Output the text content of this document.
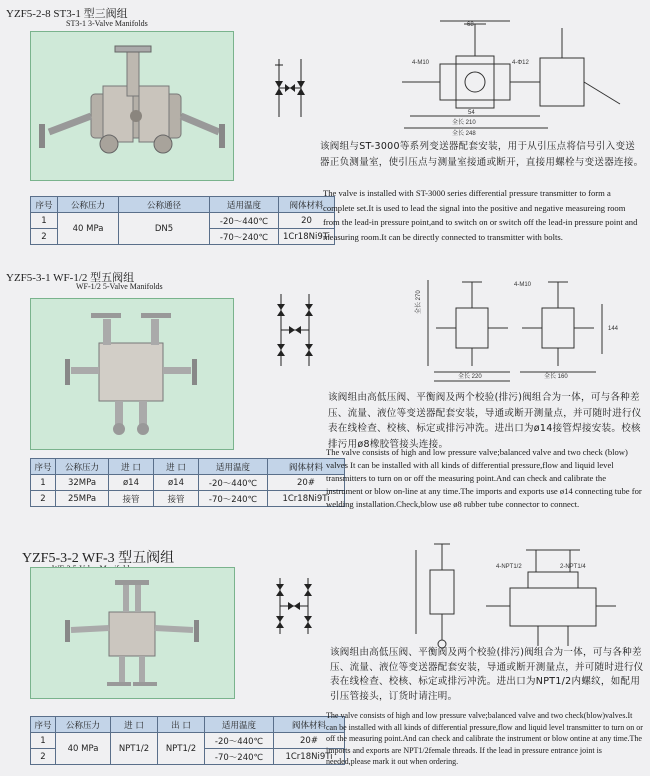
YZF5-2-8 ST3-1 型三阀组
ST3-1 3-Valve Manifolds	68
4-M10	4-Φ12
54
全长 210
全长 248
序号	公称压力	公称通径	适用温度	阀体材料
1	40 MPa	DN5	-20～440℃	20
2			-70～240℃	1Cr18Ni9Ti
该阀组与ST-3000等系列变送器配套安装，用于从引压点将信号引入变送器正负测量室，使引压点与测量室接通或断开，直接用螺栓与变送器连接。
The valve is installed with ST-3000 series differential pressure transmitter to form a complete set.It is used to lead the signal into the positive and negative measureing room from the lead-in pressure point,and to switch on or switch off the lead-in pressure point and measuring room.It can be directly connected to transmitter with bolts.
YZF5-3-1 WF-1/2 型五阀组
WF-1/2 5-Valve Manifolds	4-M10
全长 220	全长 160
全长 270
144
序号	公称压力	进 口	进 口	适用温度	阀体材料
1	32MPa	ø14	ø14	-20～440℃	20#
2	25MPa	接管	接管	-70～240℃	1Cr18Ni9Ti
该阀组由高低压阀、平衡阀及两个校验(排污)阀组合为一体，可与各种差压、流量、液位等变送器配套安装，导通或断开测量点，并可随时进行仪表在线检查、校核、标定或排污冲洗。进出口为ø14接管焊接安装。校核排污用ø8橡胶管接头连接。
The valve consists of high and low pressure valve;balanced valve and two check (blow) valves It can be installed with all kinds of differential pressure,flow and liquid level transmitters to turn on or off the measuring point.And can check and calibrate the instrument or blow on-line at any time.The imports and exports use ø14 connecting tube for welding installation.Check,blow use ø8 rubber tube connector to connect.
YZF5-3-2 WF-3 型五阀组
4-NPT1/2	2-NPT1/4
序号	公称压力	进 口	出 口	适用温度	阀体材料
1	40 MPa	NPT1/2	NPT1/2	-20～440℃	20#
2				-70～240℃	1Cr18Ni9Ti
该阀组由高低压阀、平衡阀及两个校验(排污)阀组合为一体，可与各种差压、流量、液位等变送器配套安装，导通或断开测量点，并可随时进行仪表在线检查、校核、标定或排污冲洗。进出口为NPT1/2内螺纹，如配用引压管接头，订货时请注明。
The valve consists of high and low pressure valve;balanced valve and two check(blow)valves.It can be installed with all kinds of differential pressure,flow and liquid level transmitter to turn on or off the measuring point.And can check and calibrate the instrument or blow ontine at any time.The imports and exports are NPT1/2female threads. If the lead in pressure entrance joint is needed,please mark it out when ordering.
